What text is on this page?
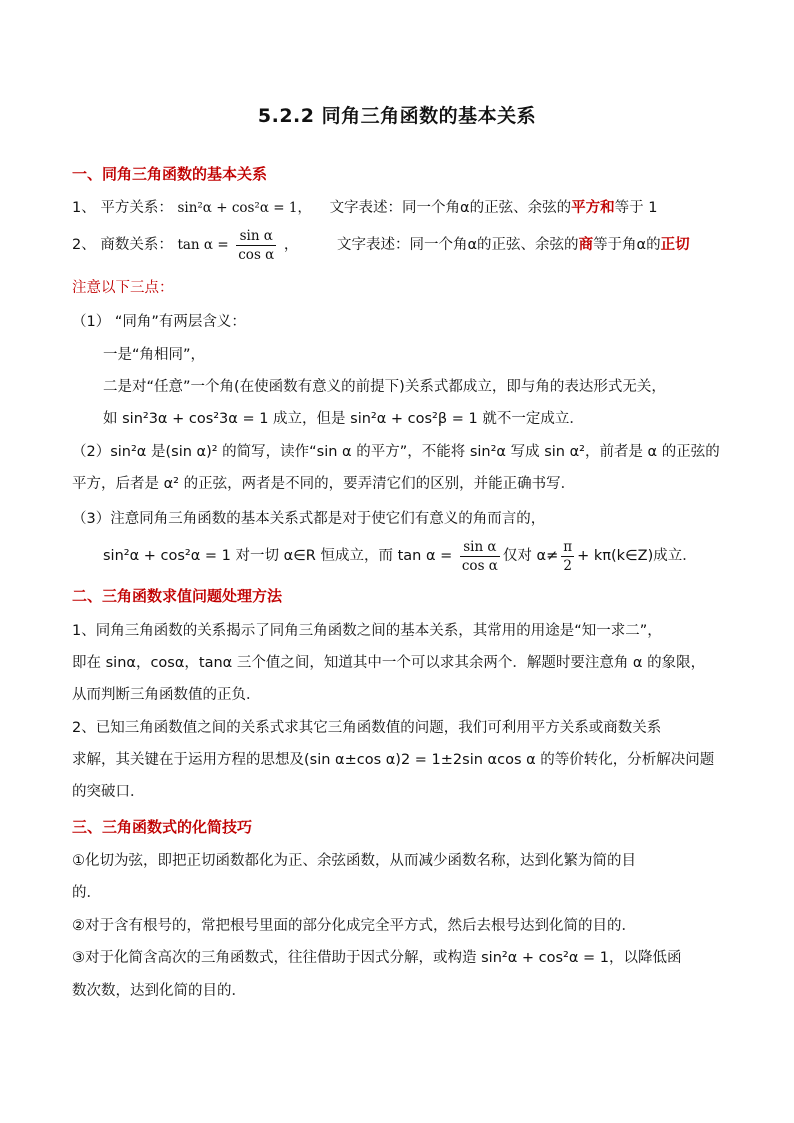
5.2.2 同角三角函数的基本关系
一、同角三角函数的基本关系
1、 平方关系： sin²α + cos²α = 1， 文字表述：同一个角α的正弦、余弦的平方和等于 1
2、 商数关系： $\tan \alpha = \frac{\text{sin α}}{\text{cos α}}$ ，	文字表述：同一个角α的正弦、余弦的商等于角α的正切
注意以下三点：
（1） “同角”有两层含义：
一是“角相同”，
二是对“任意”一个角(在使函数有意义的前提下)关系式都成立，即与角的表达形式无关，
如 sin²3α + cos²3α = 1 成立，但是 sin²α + cos²β = 1 就不一定成立．
（2）sin²α 是(sin α)² 的简写，读作“sin α 的平方”，不能将 sin²α 写成 sin α²，前者是 α 的正弦的
平方，后者是 α² 的正弦，两者是不同的，要弄清它们的区别，并能正确书写．
（3）注意同角三角函数的基本关系式都是对于使它们有意义的角而言的，
sin²α + cos²α = 1 对一切 α∈R 恒成立，而 $\tan \alpha = \frac{\text{sin α}}{\text{cos α}}$ 仅对 $\alpha\ne \frac{\pi}{2}$ + kπ(k∈Z)成立．
二、三角函数求值问题处理方法
1、同角三角函数的关系揭示了同角三角函数之间的基本关系，其常用的用途是“知一求二”，
即在 sinα，cosα，tanα 三个值之间，知道其中一个可以求其余两个．解题时要注意角 α 的象限，
从而判断三角函数值的正负．
2、已知三角函数值之间的关系式求其它三角函数值的问题，我们可利用平方关系或商数关系
求解，其关键在于运用方程的思想及(sin α±cos α)2 = 1±2sin αcos α 的等价转化，分析解决问题
的突破口．
三、三角函数式的化简技巧
①化切为弦，即把正切函数都化为正、余弦函数，从而减少函数名称，达到化繁为简的目
的．
②对于含有根号的，常把根号里面的部分化成完全平方式，然后去根号达到化简的目的．
③对于化简含高次的三角函数式，往往借助于因式分解，或构造 sin²α + cos²α = 1，以降低函
数次数，达到化简的目的．
